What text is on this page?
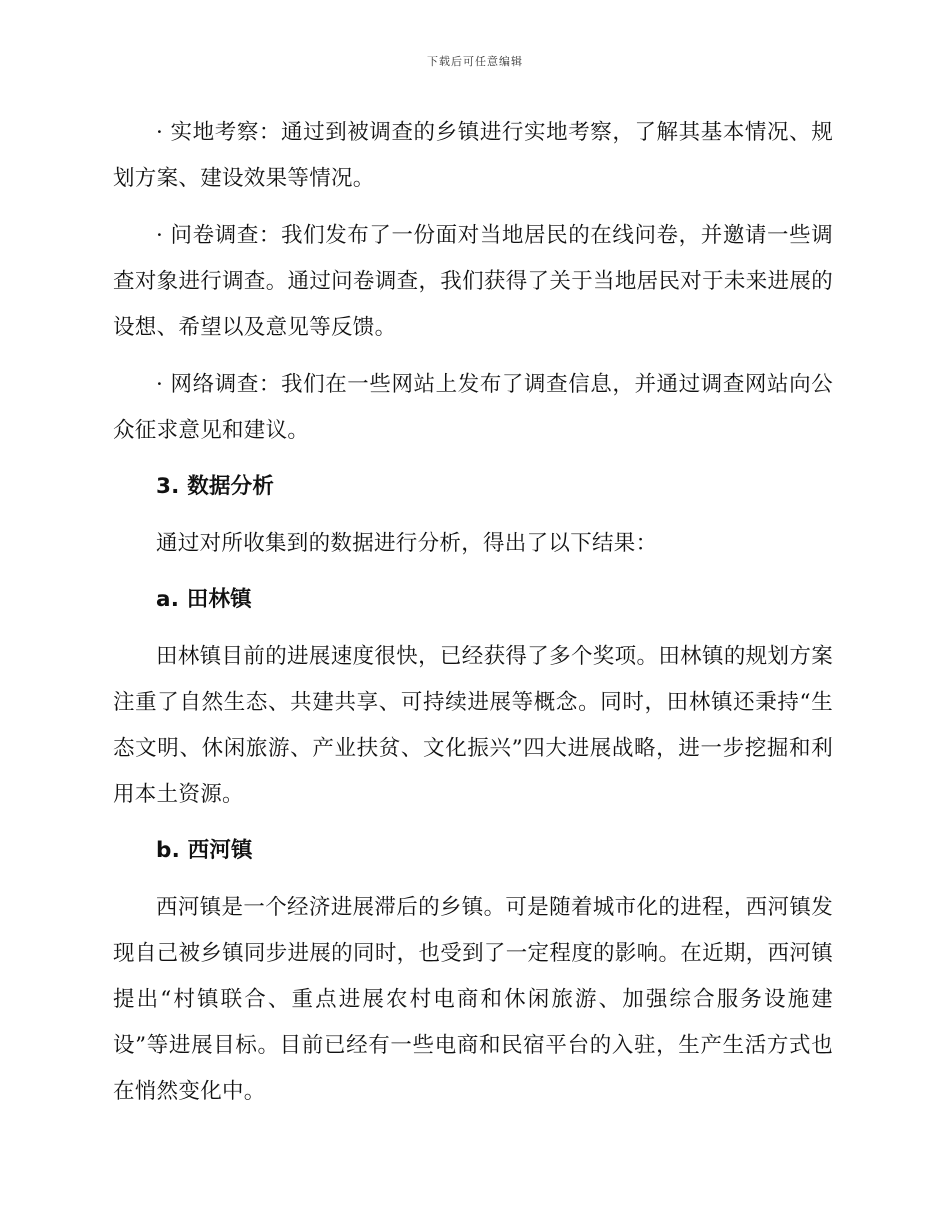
下载后可任意编辑

· 实地考察：通过到被调查的乡镇进行实地考察，了解其基本情况、规划方案、建设效果等情况。

· 问卷调查：我们发布了一份面对当地居民的在线问卷，并邀请一些调查对象进行调查。通过问卷调查，我们获得了关于当地居民对于未来进展的设想、希望以及意见等反馈。

· 网络调查：我们在一些网站上发布了调查信息，并通过调查网站向公众征求意见和建议。

3. 数据分析

通过对所收集到的数据进行分析，得出了以下结果：

a. 田林镇

田林镇目前的进展速度很快，已经获得了多个奖项。田林镇的规划方案注重了自然生态、共建共享、可持续进展等概念。同时，田林镇还秉持“生态文明、休闲旅游、产业扶贫、文化振兴”四大进展战略，进一步挖掘和利用本土资源。

b. 西河镇

西河镇是一个经济进展滞后的乡镇。可是随着城市化的进程，西河镇发现自己被乡镇同步进展的同时，也受到了一定程度的影响。在近期，西河镇提出“村镇联合、重点进展农村电商和休闲旅游、加强综合服务设施建设”等进展目标。目前已经有一些电商和民宿平台的入驻，生产生活方式也在悄然变化中。
